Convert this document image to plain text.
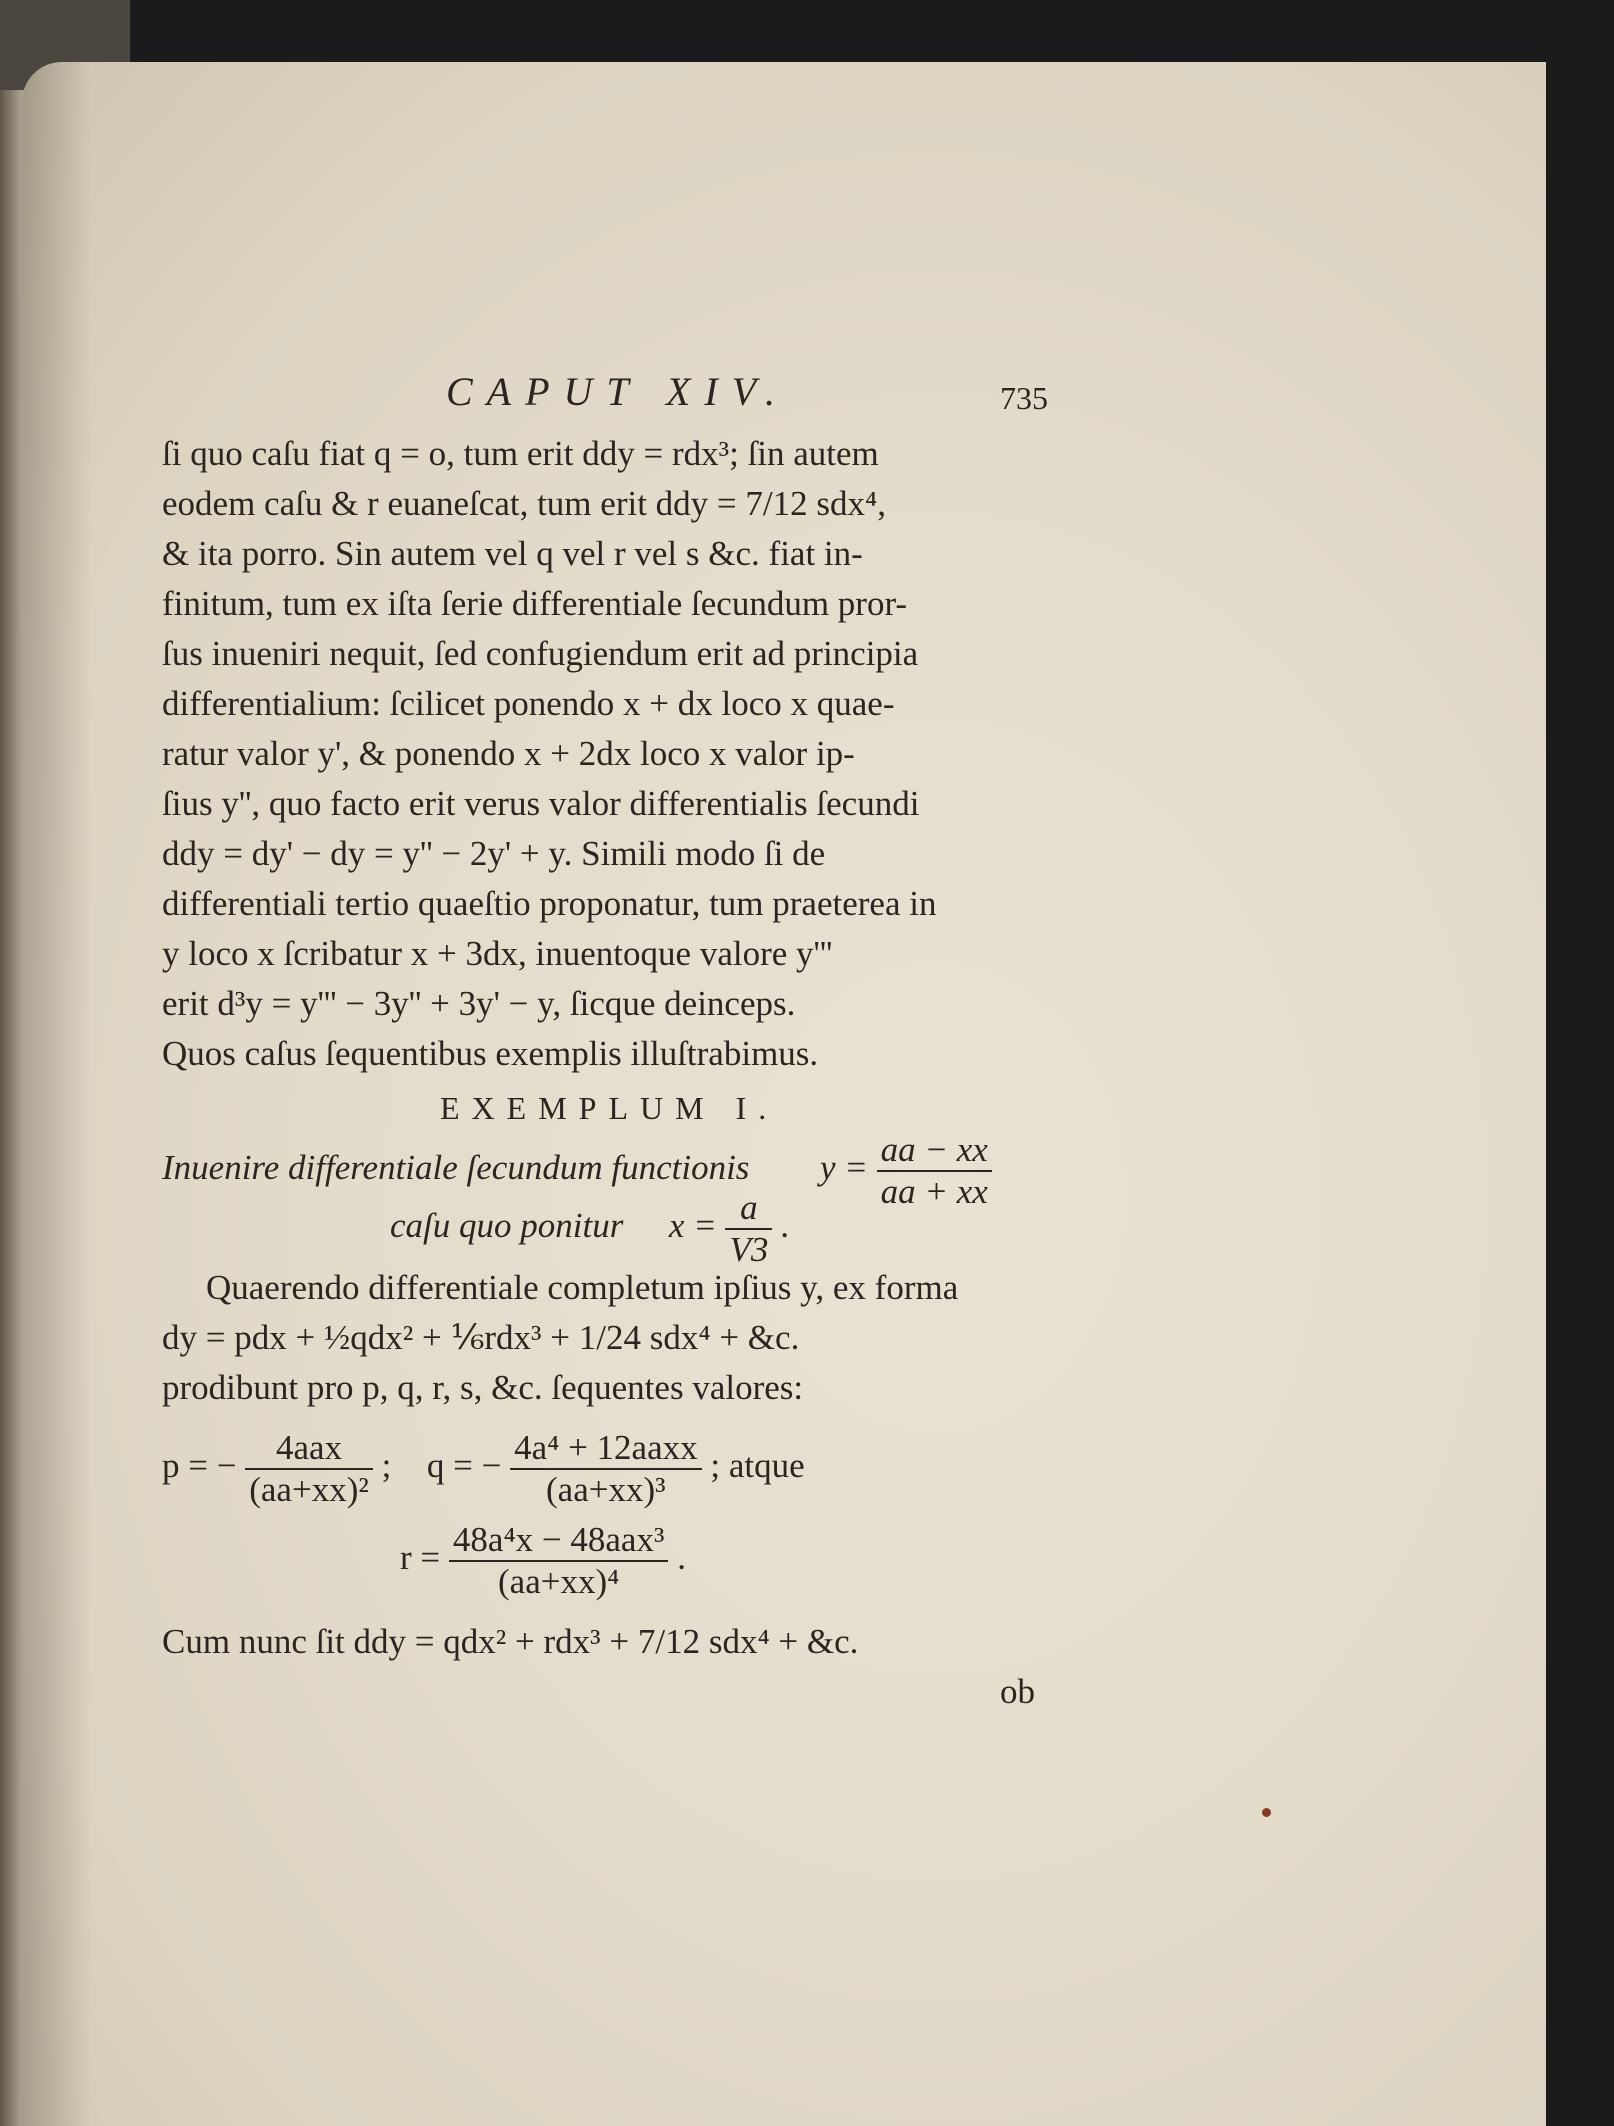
CAPUT XIV.	735
ſi quo caſu fiat q = o, tum erit ddy = rdx³; ſin autem
eodem caſu & r euaneſcat, tum erit ddy = 7/12 sdx⁴,
& ita porro. Sin autem vel q vel r vel s &c. fiat in-
finitum, tum ex iſta ſerie differentiale ſecundum pror-
ſus inueniri nequit, ſed confugiendum erit ad principia
differentialium: ſcilicet ponendo x + dx loco x quae-
ratur valor y', & ponendo x + 2dx loco x valor ip-
ſius y'', quo facto erit verus valor differentialis ſecundi
ddy = dy' − dy = y'' − 2y' + y. Simili modo ſi de
differentiali tertio quaeſtio proponatur, tum praeterea in
y loco x ſcribatur x + 3dx, inuentoque valore y'''
erit d³y = y''' − 3y'' + 3y' − y, ſicque deinceps.
Quos caſus ſequentibus exemplis illuſtrabimus.
EXEMPLUM I.
Inuenire differentiale ſecundum functionis $y = \frac{aa - xx}{aa + xx}$
caſu quo ponitur $x = \frac{a}{V3}$ .
Quaerendo differentiale completum ipſius y, ex forma
dy = pdx + ½qdx² + ⅙rdx³ + 1/24 sdx⁴ + &c.
prodibunt pro p, q, r, s, &c. ſequentes valores:
p = − $\frac{\text{4aax}}{\text{(aa+xx)²}}$ ; q = − $\frac{\text{4a⁴ + 12aaxx}}{\text{(aa+xx)³}}$ ; atque
$r = \frac{\text{48a⁴x − 48aax³}}{\text{(aa+xx)⁴}}$ .
Cum nunc ſit ddy = qdx² + rdx³ + 7/12 sdx⁴ + &c.
ob
